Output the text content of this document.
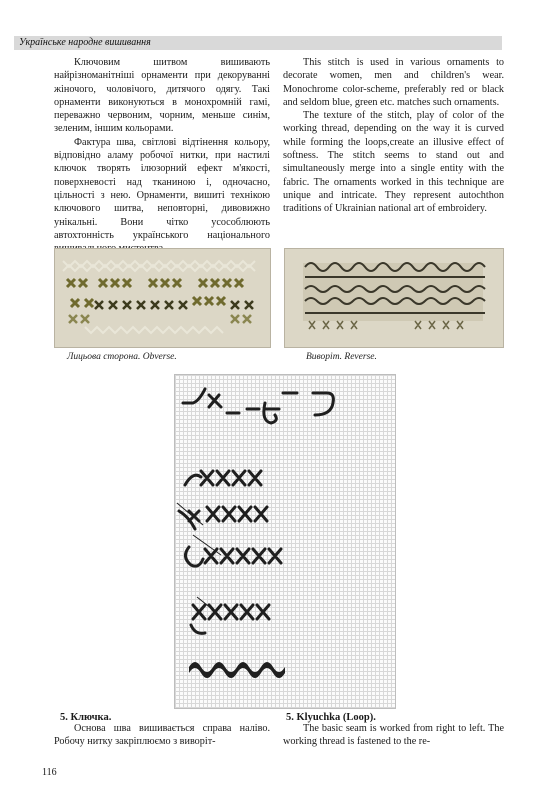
Українське народне вишивання

Ключовим шитвом вишивають найрізноманітніші орнаменти при декоруванні жіночого, чоловічого, дитячого одягу. Такі орнаменти виконуються в монохромній гамі, переважно червоним, чорним, меньше синім, зеленим, іншим кольорами.

Фактура шва, світлові відтінення кольору, відповідно аламу робочої нитки, при настилі ключок творять ілюзорний ефект м'якості, поверхневості над тканиною і, одночасно, цільності з нею. Орнаменти, вишиті технікою ключового шитва, неповторні, дивовижно унікальні. Вони чітко усособлюють автохтонність українського національного

This stitch is used in various ornaments to decorate women, men and children's wear. Monochrome color-scheme, preferably red or black and seldom blue, green etc. matches such ornaments.

The texture of the stitch, play of color of the working thread, depending on the way it is curved while forming the loops,create an illusive effect of softness. The stitch seems to stand out and simultaneously merge into a single entity with the fabric. The ornaments worked in this technique are unique and intricate. They represent autochthon traditions of Ukrainian national art of embroidery.

Лицьова сторона. Obverse.	Виворіт. Reverse.
5. Ключка.	5. Klyuchka (Loop).

Основа шва вишивається справа наліво. Робочу нитку закріплюємо з виворіт-

The basic seam is worked from right to left. The working thread is fastened to the re-

116
